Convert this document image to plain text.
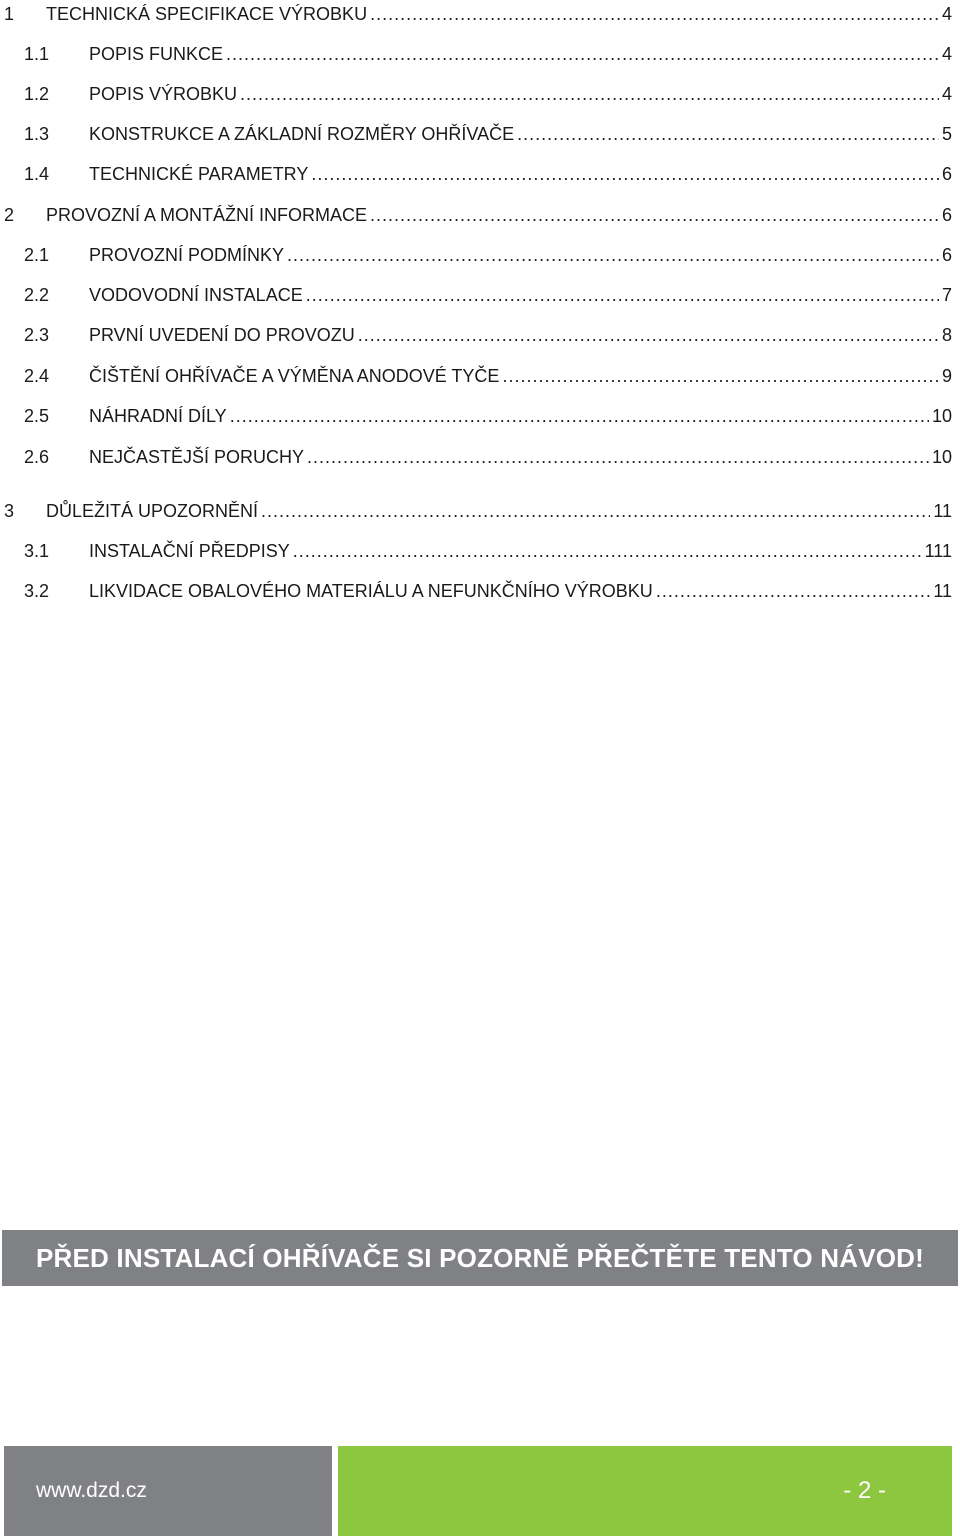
1	TECHNICKÁ SPECIFIKACE VÝROBKU .....	4
1.1	POPIS FUNKCE .....	4
1.2	POPIS VÝROBKU .....	4
1.3	KONSTRUKCE A ZÁKLADNÍ ROZMĚRY OHŘÍVAČE .....	5
1.4	TECHNICKÉ PARAMETRY .....	6
2	PROVOZNÍ A MONTÁŽNÍ INFORMACE .....	6
2.1	PROVOZNÍ PODMÍNKY .....	6
2.2	VODOVODNÍ INSTALACE .....	7
2.3	PRVNÍ UVEDENÍ DO PROVOZU .....	8
2.4	ČIŠTĚNÍ OHŘÍVAČE A VÝMĚNA ANODOVÉ TYČE .....	9
2.5	NÁHRADNÍ DÍLY .....	10
2.6	NEJČASTĚJŠÍ PORUCHY .....	10
3	DŮLEŽITÁ UPOZORNĚNÍ .....	11
3.1	INSTALAČNÍ PŘEDPISY .....	111
3.2	LIKVIDACE OBALOVÉHO MATERIÁLU A NEFUNKČNÍHO VÝROBKU .....	11
PŘED INSTALACÍ OHŘÍVAČE SI POZORNĚ PŘEČTĚTE TENTO NÁVOD!
www.dzd.cz	- 2 -
